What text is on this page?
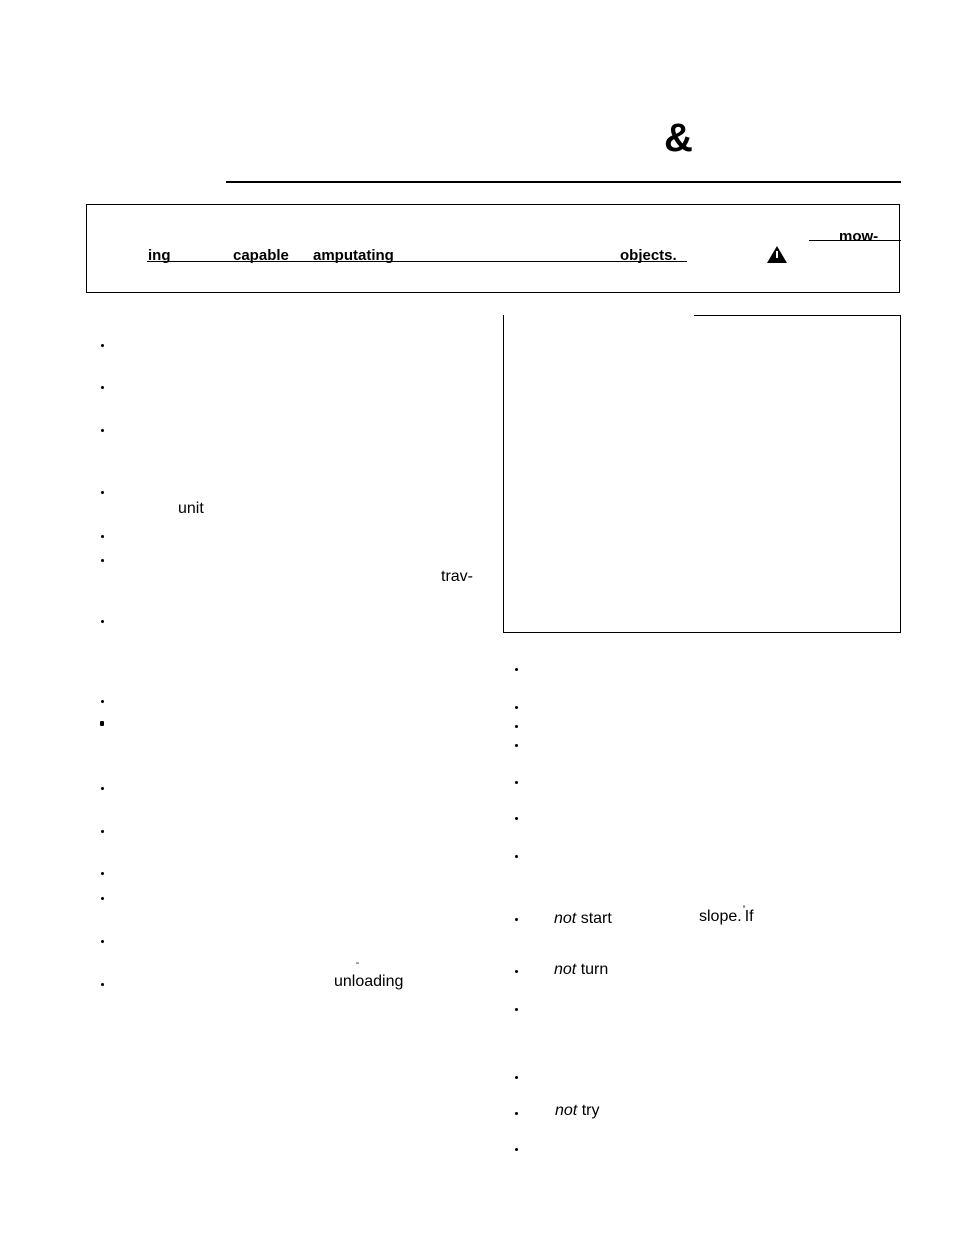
&
ing	capable amputating	objects.
mow-
unit
trav-
˜
unloading
not start	slope.˚If
not turn
not try
